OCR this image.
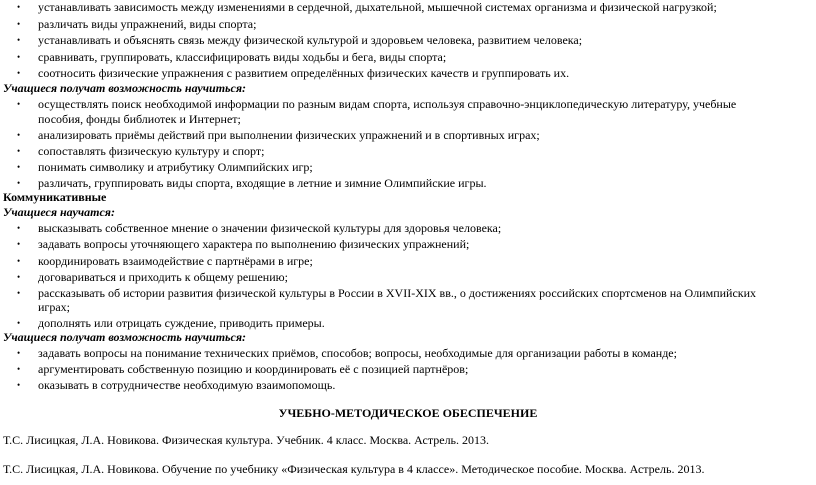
• устанавливать зависимость между изменениями в сердечной, дыхательной, мышечной системах организма и физической нагрузкой;
• различать виды упражнений, виды спорта;
• устанавливать и объяснять связь между физической культурой и здоровьем человека, развитием человека;
• сравнивать, группировать, классифицировать виды ходьбы и бега, виды спорта;
• соотносить физические упражнения с развитием определённых физических качеств и группировать их.
Учащиеся получат возможность научиться:
• осуществлять поиск необходимой информации по разным видам спорта, используя справочно-энциклопедическую литературу, учебные
пособия, фонды библиотек и Интернет;
• анализировать приёмы действий при выполнении физических упражнений и в спортивных играх;
• сопоставлять физическую культуру и спорт;
• понимать символику и атрибутику Олимпийских игр;
• различать, группировать виды спорта, входящие в летние и зимние Олимпийские игры.
Коммуникативные
Учащиеся научатся:
• высказывать собственное мнение о значении физической культуры для здоровья человека;
• задавать вопросы уточняющего характера по выполнению физических упражнений;
• координировать взаимодействие с партнёрами в игре;
• договариваться и приходить к общему решению;
• рассказывать об истории развития физической культуры в России в XVII-XIX вв., о достижениях российских спортсменов на Олимпийских
играх;
• дополнять или отрицать суждение, приводить примеры.
Учащиеся получат возможность научиться:
• задавать вопросы на понимание технических приёмов, способов; вопросы, необходимые для организации работы в команде;
• аргументировать собственную позицию и координировать её с позицией партнёров;
• оказывать в сотрудничестве необходимую взаимопомощь.
УЧЕБНО-МЕТОДИЧЕСКОЕ ОБЕСПЕЧЕНИЕ
Т.С. Лисицкая, Л.А. Новикова. Физическая культура. Учебник. 4 класс. Москва. Астрель. 2013.
Т.С. Лисицкая, Л.А. Новикова. Обучение по учебнику «Физическая культура в 4 классе». Методическое пособие. Москва. Астрель. 2013.
